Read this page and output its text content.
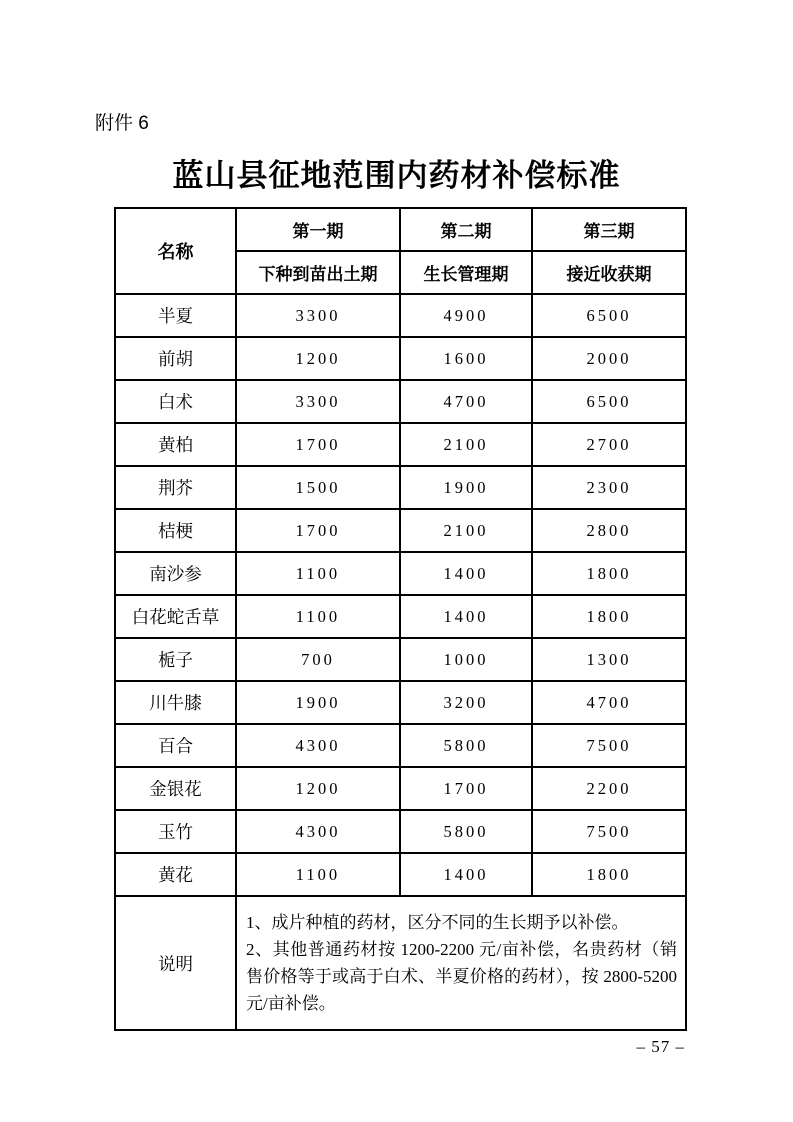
附件 6
蓝山县征地范围内药材补偿标准
名称	第一期	第二期	第三期
	下种到苗出土期	生长管理期	接近收获期
半夏	3300	4900	6500
前胡	1200	1600	2000
白术	3300	4700	6500
黄柏	1700	2100	2700
荆芥	1500	1900	2300
桔梗	1700	2100	2800
南沙参	1100	1400	1800
白花蛇舌草	1100	1400	1800
栀子	700	1000	1300
川牛膝	1900	3200	4700
百合	4300	5800	7500
金银花	1200	1700	2200
玉竹	4300	5800	7500
黄花	1100	1400	1800
说明	1、成片种植的药材，区分不同的生长期予以补偿。
2、其他普通药材按 1200-2200 元/亩补偿，名贵药材（销售价格等于或高于白术、半夏价格的药材），按 2800-5200 元/亩补偿。		
– 57 –
